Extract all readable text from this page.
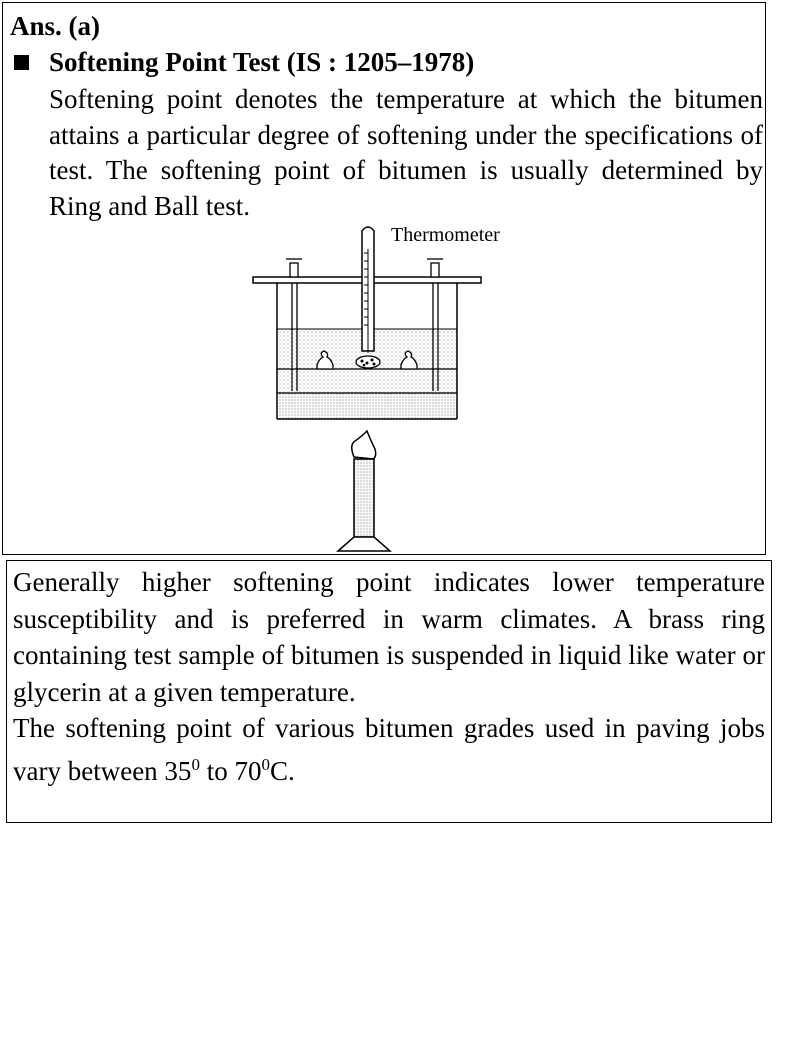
Ans. (a)
Softening Point Test (IS : 1205–1978)

Softening point denotes the temperature at which the bitumen attains a particular degree of softening under the specifications of test. The softening point of bitumen is usually determined by Ring and Ball test.

Thermometer
Generally higher softening point indicates lower temperature susceptibility and is preferred in warm climates. A brass ring containing test sample of bitumen is suspended in liquid like water or glycerin at a given temperature.
The softening point of various bitumen grades used in paving jobs vary between $35^0$ to $70^0C$.
